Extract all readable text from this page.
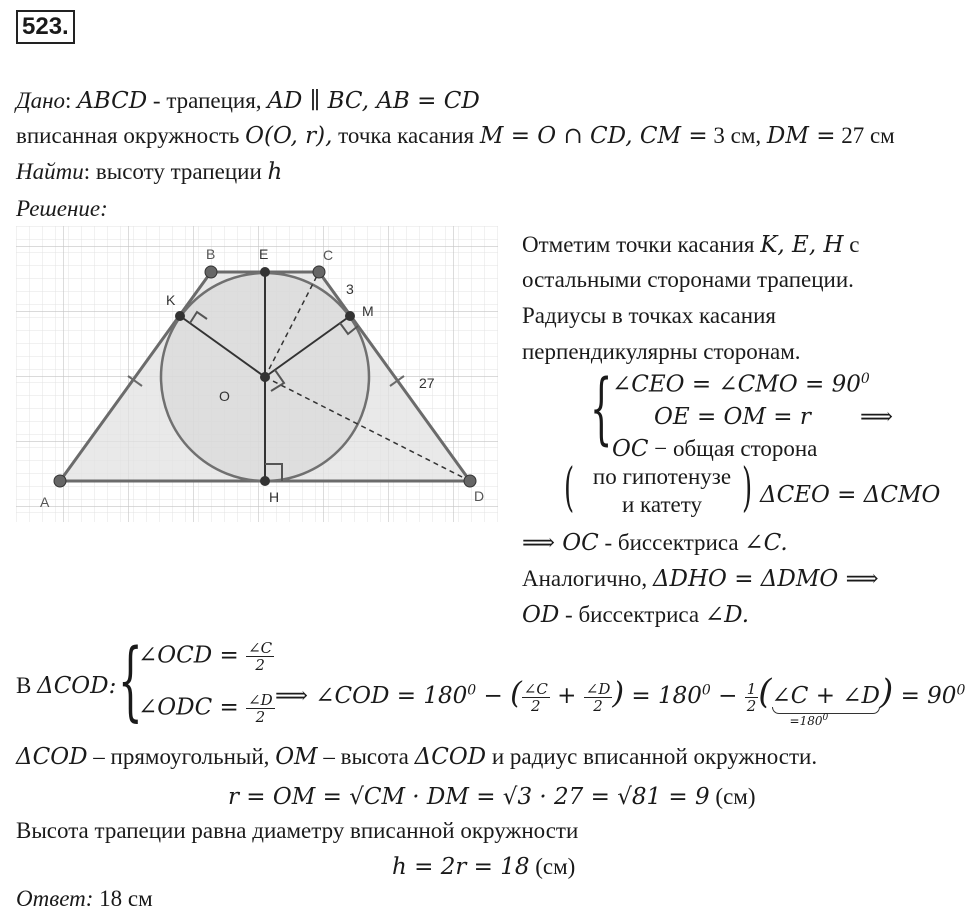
523.
Дано: ABCD - трапеция, AD ∥ BC, AB = CD
вписанная окружность O(O, r), точка касания M = O ∩ CD, CM = 3 см, DM = 27 см
Найти: высоту трапеции h
Решение:
A
B	C
D
E
K
M
O
H
3
27
Отметим точки касания K, E, H с
остальными сторонами трапеции.
Радиусы в точках касания
перпендикулярны сторонам.
{ ∠CEO = ∠CMO = $90^0$
OE = OM = r
OC − общая сторона
⟹
( по гипотенузе
и катету ) ΔCEO = ΔCMO
⟹ OC - биссектриса ∠C.
Аналогично, ΔDHO = ΔDMO ⟹
OD - биссектриса ∠D.
В ΔCOD: {
∠OCD = $\frac{\angle C}{2}$
∠ODC = $\frac{\angle D}{2}$ ⟹ ∠COD = $180^0$ − ( $\frac{\angle C}{2} + \frac{\angle D}{2}$ ) = $180^0 - \frac{1}{2}$ (∠C + ∠D
$=180^0$
) = $90^0$
ΔCOD – прямоугольный, OM – высота ΔCOD и радиус вписанной окружности.
r = OM = √CM · DM = √3 · 27 = √81 = 9 (см)
Высота трапеции равна диаметру вписанной окружности
h = 2r = 18 (см)
Ответ: 18 см
